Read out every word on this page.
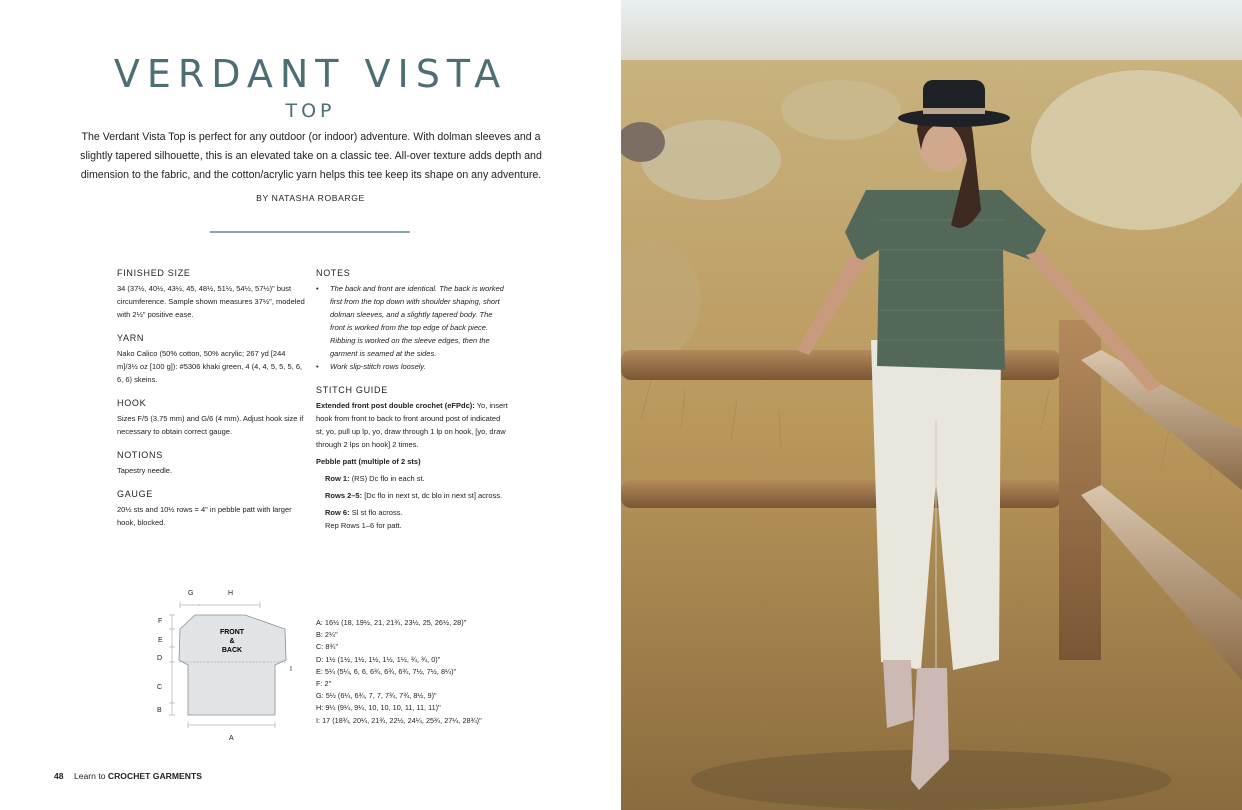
VERDANT VISTA
TOP

The Verdant Vista Top is perfect for any outdoor (or indoor) adventure. With dolman sleeves and a slightly tapered silhouette, this is an elevated take on a classic tee. All-over texture adds depth and dimension to the fabric, and the cotton/acrylic yarn helps this tee keep its shape on any adventure.

BY NATASHA ROBARGE
FINISHED SIZE
34 (37½, 40½, 43½, 45, 48½, 51½, 54½, 57½)" bust circumference. Sample shown measures 37½", modeled with 2½" positive ease.
YARN
Nako Calico (50% cotton, 50% acrylic; 267 yd [244 m]/3½ oz [100 g]): #5306 khaki green, 4 (4, 4, 5, 5, 5, 6, 6, 6) skeins.
HOOK
Sizes F/5 (3.75 mm) and G/6 (4 mm). Adjust hook size if necessary to obtain correct gauge.
NOTIONS
Tapestry needle.
GAUGE
20½ sts and 10½ rows = 4" in pebble patt with larger hook, blocked.
NOTES
• The back and front are identical. The back is worked first from the top down with shoulder shaping, short dolman sleeves, and a slightly tapered body. The front is worked from the top edge of back piece. Ribbing is worked on the sleeve edges, then the garment is seamed at the sides.
• Work slip-stitch rows loosely.
STITCH GUIDE
Extended front post double crochet (eFPdc): Yo, insert hook from front to back to front around post of indicated st, yo, pull up lp, yo, draw through 1 lp on hook, [yo, draw through 2 lps on hook] 2 times.
Pebble patt (multiple of 2 sts)
Row 1: (RS) Dc flo in each st.
Rows 2–5: [Dc flo in next st, dc blo in next st] across.
Row 6: Sl st flo across.
Rep Rows 1–6 for patt.
FRONT
&
BACK
F
E
D
C
B
G	H
I
A
A: 16½ (18, 19½, 21, 21¾, 23½, 25, 26½, 28)"
B: 2¼"
C: 8¾"
D: 1½ (1½, 1½, 1½, 1½, 1½, ¾, ¾, 0)"
E: 5¼ (5¼, 6, 6, 6¾, 6¾, 6¾, 7½, 7½, 8¼)"
F: 2"
G: 5½ (6¼, 6¾, 7, 7, 7¾, 7¾, 8½, 9)"
H: 9¼ (9¼, 9¼, 10, 10, 10, 11, 11, 11)"
I: 17 (18¾, 20¼, 21¾, 22½, 24¼, 25¾, 27¼, 28¾)"
48 Learn to CROCHET GARMENTS
